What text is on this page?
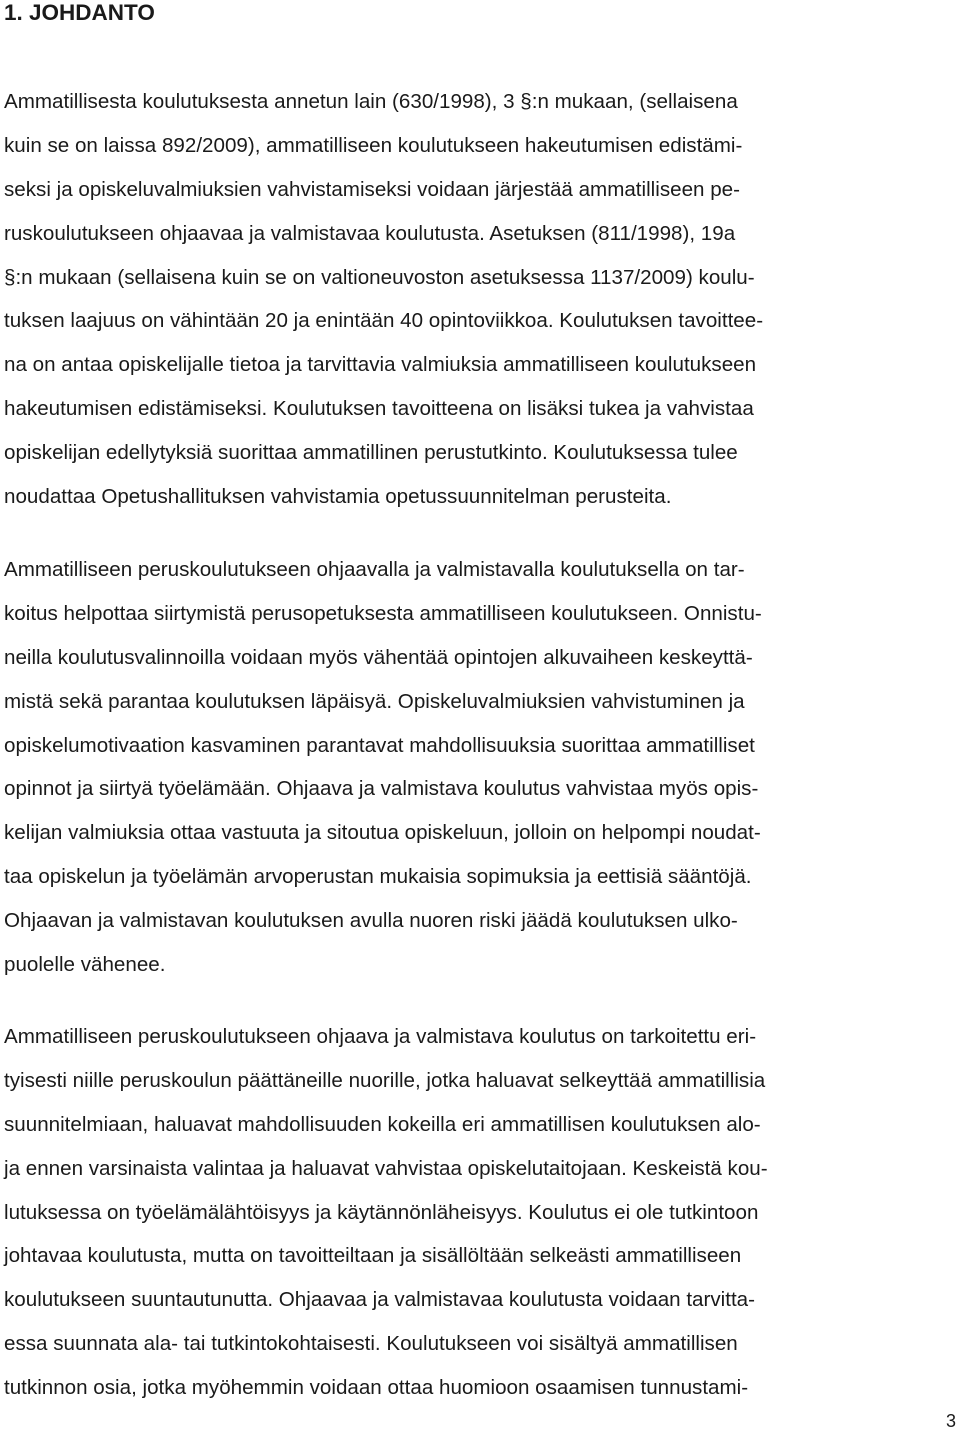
1. JOHDANTO

Ammatillisesta koulutuksesta annetun lain (630/1998), 3 §:n mukaan, (sellaisena
kuin se on laissa 892/2009), ammatilliseen koulutukseen hakeutumisen edistämi-
seksi ja opiskeluvalmiuksien vahvistamiseksi voidaan järjestää ammatilliseen pe-
ruskoulutukseen ohjaavaa ja valmistavaa koulutusta. Asetuksen (811/1998), 19a
§:n mukaan (sellaisena kuin se on valtioneuvoston asetuksessa 1137/2009) koulu-
tuksen laajuus on vähintään 20 ja enintään 40 opintoviikkoa. Koulutuksen tavoittee-
na on antaa opiskelijalle tietoa ja tarvittavia valmiuksia ammatilliseen koulutukseen
hakeutumisen edistämiseksi. Koulutuksen tavoitteena on lisäksi tukea ja vahvistaa
opiskelijan edellytyksiä suorittaa ammatillinen perustutkinto. Koulutuksessa tulee
noudattaa Opetushallituksen vahvistamia opetussuunnitelman perusteita.

Ammatilliseen peruskoulutukseen ohjaavalla ja valmistavalla koulutuksella on tar-
koitus helpottaa siirtymistä perusopetuksesta ammatilliseen koulutukseen. Onnistu-
neilla koulutusvalinnoilla voidaan myös vähentää opintojen alkuvaiheen keskeyttä-
mistä sekä parantaa koulutuksen läpäisyä. Opiskeluvalmiuksien vahvistuminen ja
opiskelumotivaation kasvaminen parantavat mahdollisuuksia suorittaa ammatilliset
opinnot ja siirtyä työelämään. Ohjaava ja valmistava koulutus vahvistaa myös opis-
kelijan valmiuksia ottaa vastuuta ja sitoutua opiskeluun, jolloin on helpompi noudat-
taa opiskelun ja työelämän arvoperustan mukaisia sopimuksia ja eettisiä sääntöjä.
Ohjaavan ja valmistavan koulutuksen avulla nuoren riski jäädä koulutuksen ulko-
puolelle vähenee.

Ammatilliseen peruskoulutukseen ohjaava ja valmistava koulutus on tarkoitettu eri-
tyisesti niille peruskoulun päättäneille nuorille, jotka haluavat selkeyttää ammatillisia
suunnitelmiaan, haluavat mahdollisuuden kokeilla eri ammatillisen koulutuksen alo-
ja ennen varsinaista valintaa ja haluavat vahvistaa opiskelutaitojaan. Keskeistä kou-
lutuksessa on työelämälähtöisyys ja käytännönläheisyys. Koulutus ei ole tutkintoon
johtavaa koulutusta, mutta on tavoitteiltaan ja sisällöltään selkeästi ammatilliseen
koulutukseen suuntautunutta. Ohjaavaa ja valmistavaa koulutusta voidaan tarvitta-
essa suunnata ala- tai tutkintokohtaisesti. Koulutukseen voi sisältyä ammatillisen
tutkinnon osia, jotka myöhemmin voidaan ottaa huomioon osaamisen tunnustami-

3
